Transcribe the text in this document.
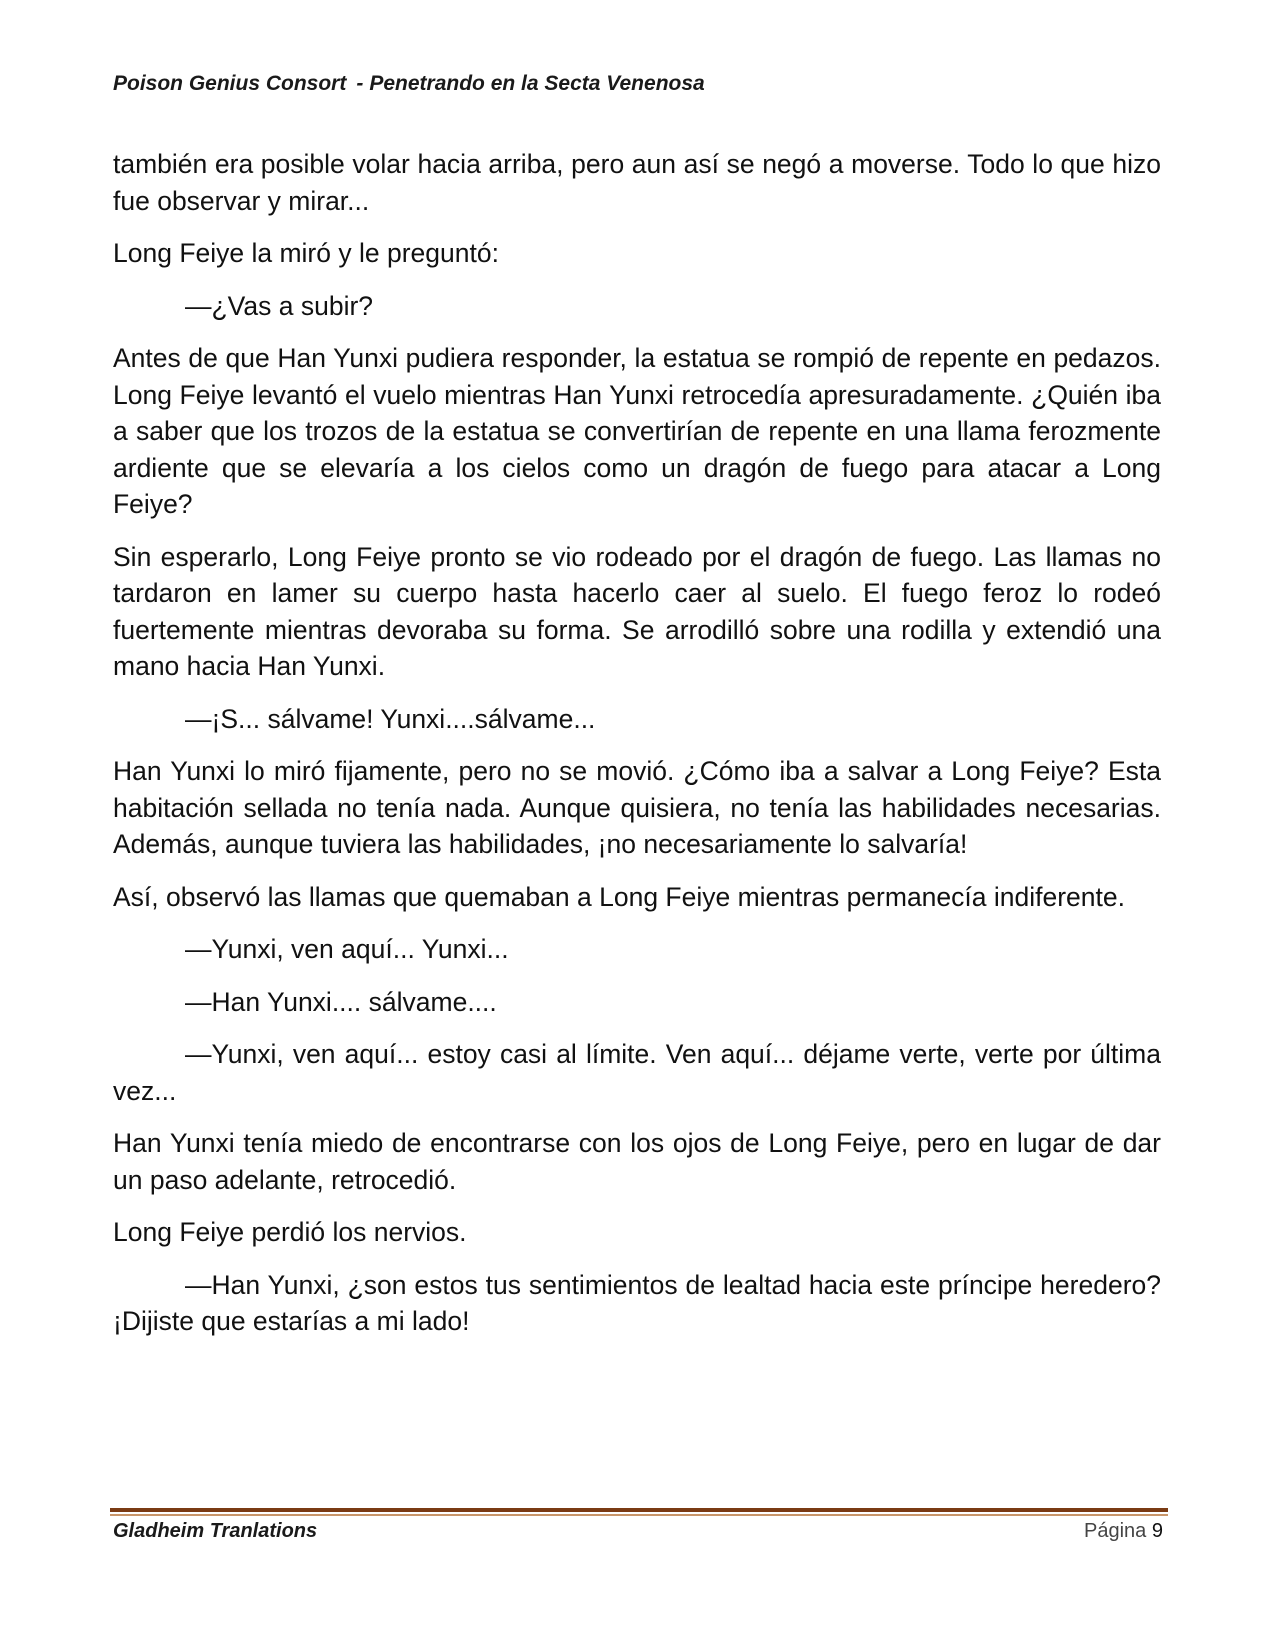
Poison Genius Consort - Penetrando en la Secta Venenosa

también era posible volar hacia arriba, pero aun así se negó a moverse. Todo lo que hizo fue observar y mirar...

Long Feiye la miró y le preguntó:

—¿Vas a subir?

Antes de que Han Yunxi pudiera responder, la estatua se rompió de repente en pedazos. Long Feiye levantó el vuelo mientras Han Yunxi retrocedía apresuradamente. ¿Quién iba a saber que los trozos de la estatua se convertirían de repente en una llama ferozmente ardiente que se elevaría a los cielos como un dragón de fuego para atacar a Long Feiye?

Sin esperarlo, Long Feiye pronto se vio rodeado por el dragón de fuego. Las llamas no tardaron en lamer su cuerpo hasta hacerlo caer al suelo. El fuego feroz lo rodeó fuertemente mientras devoraba su forma. Se arrodilló sobre una rodilla y extendió una mano hacia Han Yunxi.

—¡S... sálvame! Yunxi....sálvame...

Han Yunxi lo miró fijamente, pero no se movió. ¿Cómo iba a salvar a Long Feiye? Esta habitación sellada no tenía nada. Aunque quisiera, no tenía las habilidades necesarias. Además, aunque tuviera las habilidades, ¡no necesariamente lo salvaría!

Así, observó las llamas que quemaban a Long Feiye mientras permanecía indiferente.

—Yunxi, ven aquí... Yunxi...

—Han Yunxi.... sálvame....

—Yunxi, ven aquí... estoy casi al límite. Ven aquí... déjame verte, verte por última vez...

Han Yunxi tenía miedo de encontrarse con los ojos de Long Feiye, pero en lugar de dar un paso adelante, retrocedió.

Long Feiye perdió los nervios.

—Han Yunxi, ¿son estos tus sentimientos de lealtad hacia este príncipe heredero? ¡Dijiste que estarías a mi lado!

Gladheim Tranlations	Página 9
